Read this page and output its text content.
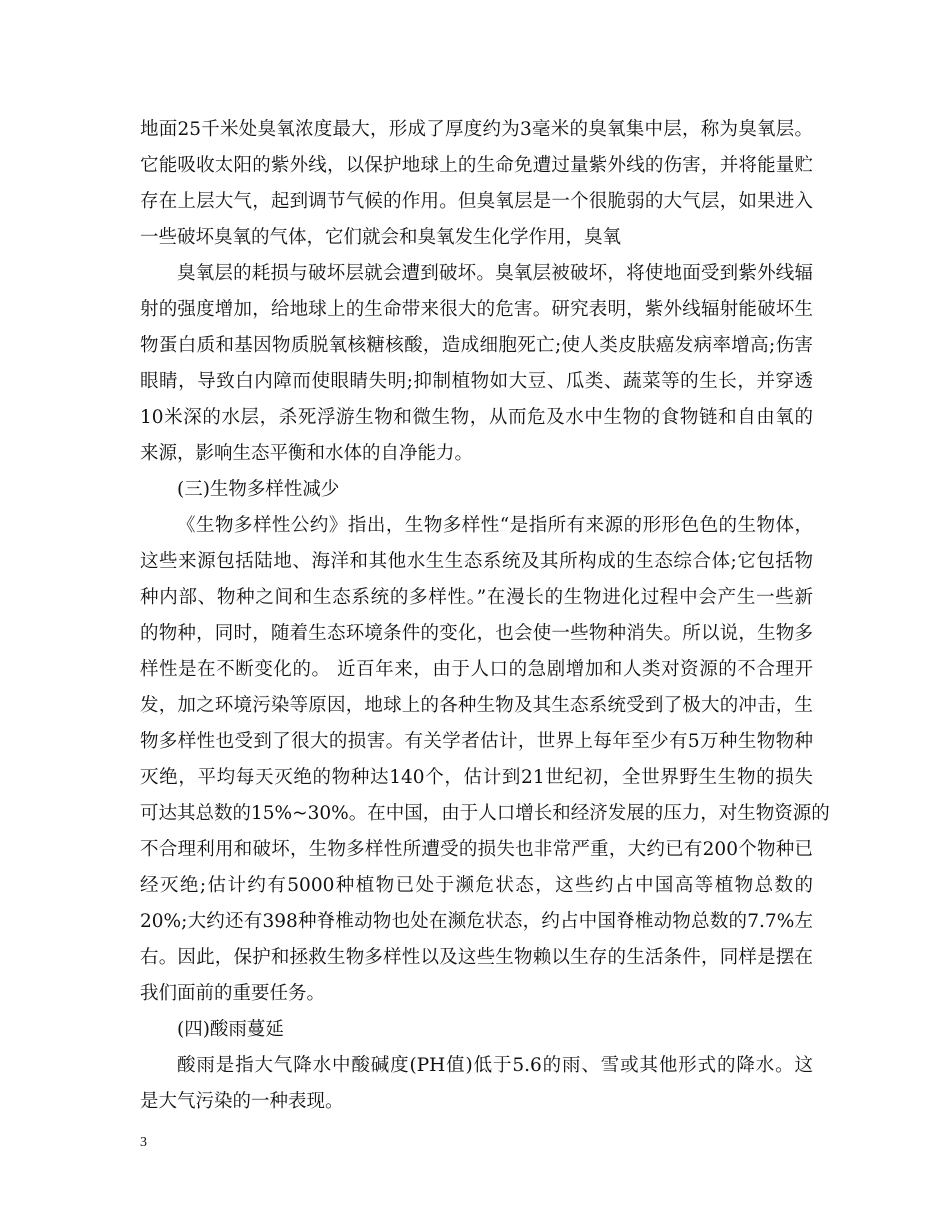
地面25千米处臭氧浓度最大，形成了厚度约为3毫米的臭氧集中层，称为臭氧层。
它能吸收太阳的紫外线，以保护地球上的生命免遭过量紫外线的伤害，并将能量贮
存在上层大气，起到调节气候的作用。但臭氧层是一个很脆弱的大气层，如果进入
一些破坏臭氧的气体，它们就会和臭氧发生化学作用，臭氧
臭氧层的耗损与破坏层就会遭到破坏。臭氧层被破坏，将使地面受到紫外线辐
射的强度增加，给地球上的生命带来很大的危害。研究表明，紫外线辐射能破坏生
物蛋白质和基因物质脱氧核糖核酸，造成细胞死亡;使人类皮肤癌发病率增高;伤害
眼睛，导致白内障而使眼睛失明;抑制植物如大豆、瓜类、蔬菜等的生长，并穿透
10米深的水层，杀死浮游生物和微生物，从而危及水中生物的食物链和自由氧的
来源，影响生态平衡和水体的自净能力。
(三)生物多样性减少
《生物多样性公约》指出，生物多样性“是指所有来源的形形色色的生物体，
这些来源包括陆地、海洋和其他水生生态系统及其所构成的生态综合体;它包括物
种内部、物种之间和生态系统的多样性。”在漫长的生物进化过程中会产生一些新
的物种，同时，随着生态环境条件的变化，也会使一些物种消失。所以说，生物多
样性是在不断变化的。 近百年来，由于人口的急剧增加和人类对资源的不合理开
发，加之环境污染等原因，地球上的各种生物及其生态系统受到了极大的冲击，生
物多样性也受到了很大的损害。有关学者估计，世界上每年至少有5万种生物物种
灭绝，平均每天灭绝的物种达140个，估计到21世纪初，全世界野生生物的损失
可达其总数的15%~30%。在中国，由于人口增长和经济发展的压力，对生物资源的
不合理利用和破坏，生物多样性所遭受的损失也非常严重，大约已有200个物种已
经灭绝;估计约有5000种植物已处于濒危状态，这些约占中国高等植物总数的
20%;大约还有398种脊椎动物也处在濒危状态，约占中国脊椎动物总数的7.7%左
右。因此，保护和拯救生物多样性以及这些生物赖以生存的生活条件，同样是摆在
我们面前的重要任务。
(四)酸雨蔓延
酸雨是指大气降水中酸碱度(PH值)低于5.6的雨、雪或其他形式的降水。这
是大气污染的一种表现。
3
